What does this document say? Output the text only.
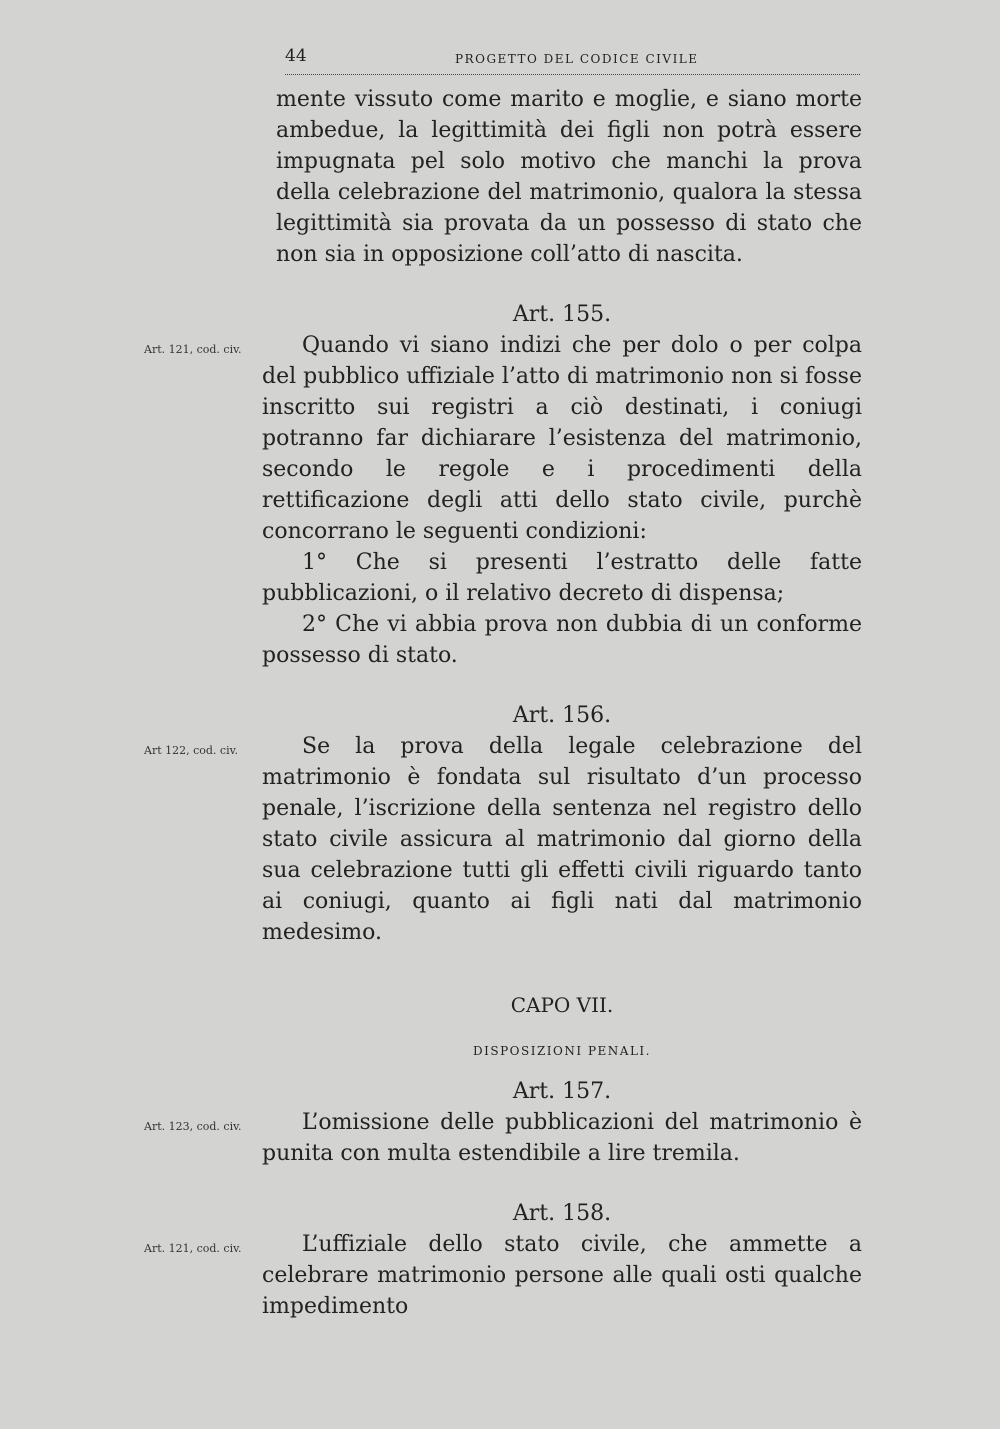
44	PROGETTO DEL CODICE CIVILE

mente vissuto come marito e moglie, e siano morte ambedue, la legittimità dei figli non potrà essere impugnata pel solo motivo che manchi la prova della celebrazione del matrimonio, qualora la stessa legittimità sia provata da un possesso di stato che non sia in opposizione coll’atto di nascita.

Art. 155.
Art. 121, cod. civ.	Quando vi siano indizi che per dolo o per colpa del pubblico uffiziale l’atto di matrimonio non si fosse inscritto sui registri a ciò destinati, i coniugi potranno far dichiarare l’esistenza del matrimonio, secondo le regole e i procedimenti della rettificazione degli atti dello stato civile, purchè concorrano le seguenti condizioni:

1° Che si presenti l’estratto delle fatte pubblicazioni, o il relativo decreto di dispensa;

2° Che vi abbia prova non dubbia di un conforme possesso di stato.

Art. 156.
Art 122, cod. civ.	Se la prova della legale celebrazione del matrimonio è fondata sul risultato d’un processo penale, l’iscrizione della sentenza nel registro dello stato civile assicura al matrimonio dal giorno della sua celebrazione tutti gli effetti civili riguardo tanto ai coniugi, quanto ai figli nati dal matrimonio medesimo.

CAPO VII.
DISPOSIZIONI PENALI.
Art. 157.
Art. 123, cod. civ.	L’omissione delle pubblicazioni del matrimonio è punita con multa estendibile a lire tremila.

Art. 158.
Art. 121, cod. civ.	L’uffiziale dello stato civile, che ammette a celebrare matrimonio persone alle quali osti qualche impedimento
